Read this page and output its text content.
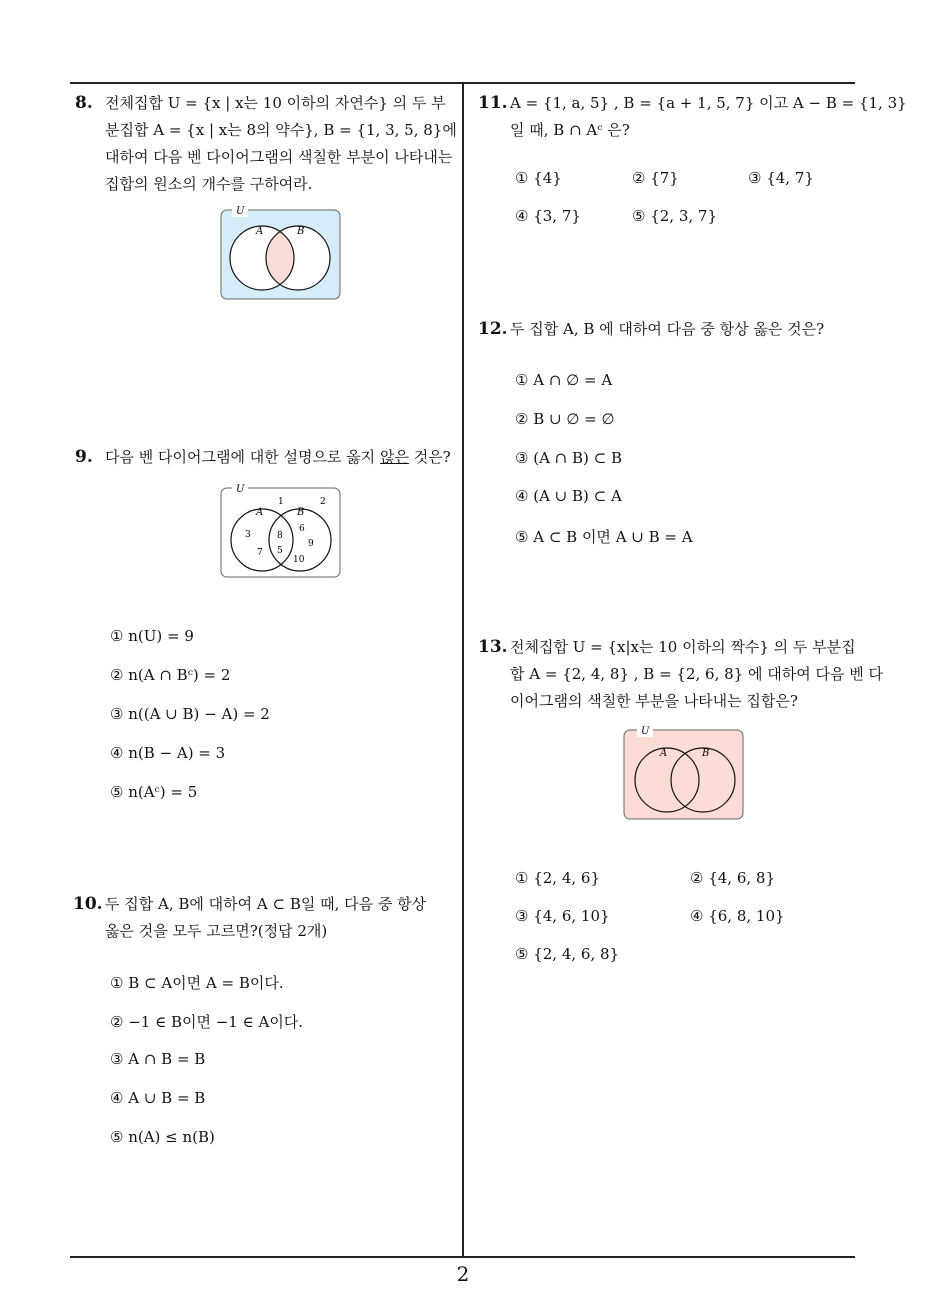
8. 전체집합 U = {x | x는 10 이하의 자연수} 의 두 부
분집합 A = {x | x는 8의 약수}, B = {1, 3, 5, 8}에
대하여 다음 벤 다이어그램의 색칠한 부분이 나타내는
집합의 원소의 개수를 구하여라.
U
A	B
9. 다음 벤 다이어그램에 대한 설명으로 옳지 않은 것은?
U
A	B
1	2
3
7
8
5
6
9
10
① n(U) = 9
② n(A ∩ Bᶜ) = 2
③ n((A ∪ B) − A) = 2
④ n(B − A) = 3
⑤ n(Aᶜ) = 5
10. 두 집합 A, B에 대하여 A ⊂ B일 때, 다음 중 항상
옳은 것을 모두 고르면?(정답 2개)
① B ⊂ A이면 A = B이다.
② −1 ∈ B이면 −1 ∈ A이다.
③ A ∩ B = B
④ A ∪ B = B
⑤ n(A) ≤ n(B)
11. A = {1, a, 5} , B = {a + 1, 5, 7} 이고 A − B = {1, 3}
일 때, B ∩ Aᶜ 은?
① {4}	② {7}	③ {4, 7}
④ {3, 7}	⑤ {2, 3, 7}
12. 두 집합 A, B 에 대하여 다음 중 항상 옳은 것은?
① A ∩ ∅ = A
② B ∪ ∅ = ∅
③ (A ∩ B) ⊂ B
④ (A ∪ B) ⊂ A
⑤ A ⊂ B 이면 A ∪ B = A
13. 전체집합 U = {x|x는 10 이하의 짝수} 의 두 부분집
합 A = {2, 4, 8} , B = {2, 6, 8} 에 대하여 다음 벤 다
이어그램의 색칠한 부분을 나타내는 집합은?
U
A	B
① {2, 4, 6}	② {4, 6, 8}
③ {4, 6, 10}	④ {6, 8, 10}
⑤ {2, 4, 6, 8}
2
